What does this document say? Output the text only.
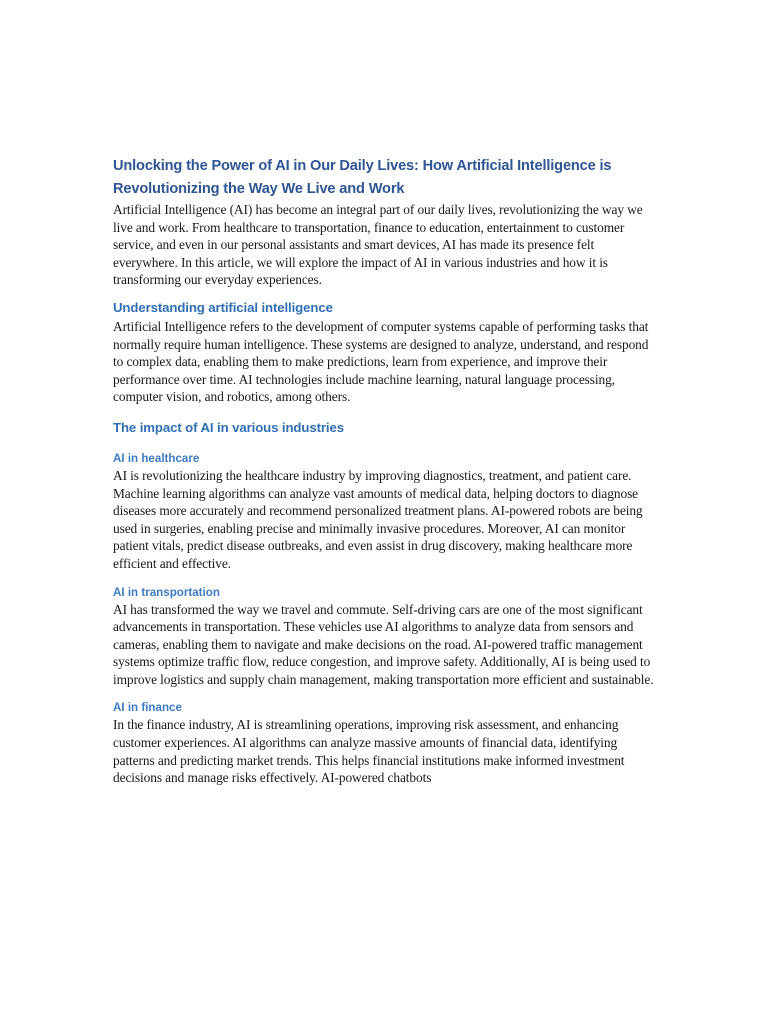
Unlocking the Power of AI in Our Daily Lives: How Artificial Intelligence is Revolutionizing the Way We Live and Work

Artificial Intelligence (AI) has become an integral part of our daily lives, revolutionizing the way we live and work. From healthcare to transportation, finance to education, entertainment to customer service, and even in our personal assistants and smart devices, AI has made its presence felt everywhere. In this article, we will explore the impact of AI in various industries and how it is transforming our everyday experiences.

Understanding artificial intelligence

Artificial Intelligence refers to the development of computer systems capable of performing tasks that normally require human intelligence. These systems are designed to analyze, understand, and respond to complex data, enabling them to make predictions, learn from experience, and improve their performance over time. AI technologies include machine learning, natural language processing, computer vision, and robotics, among others.

The impact of AI in various industries
AI in healthcare

AI is revolutionizing the healthcare industry by improving diagnostics, treatment, and patient care. Machine learning algorithms can analyze vast amounts of medical data, helping doctors to diagnose diseases more accurately and recommend personalized treatment plans. AI-powered robots are being used in surgeries, enabling precise and minimally invasive procedures. Moreover, AI can monitor patient vitals, predict disease outbreaks, and even assist in drug discovery, making healthcare more efficient and effective.

AI in transportation

AI has transformed the way we travel and commute. Self-driving cars are one of the most significant advancements in transportation. These vehicles use AI algorithms to analyze data from sensors and cameras, enabling them to navigate and make decisions on the road. AI-powered traffic management systems optimize traffic flow, reduce congestion, and improve safety. Additionally, AI is being used to improve logistics and supply chain management, making transportation more efficient and sustainable.

AI in finance

In the finance industry, AI is streamlining operations, improving risk assessment, and enhancing customer experiences. AI algorithms can analyze massive amounts of financial data, identifying patterns and predicting market trends. This helps financial institutions make informed investment decisions and manage risks effectively. AI-powered chatbots
